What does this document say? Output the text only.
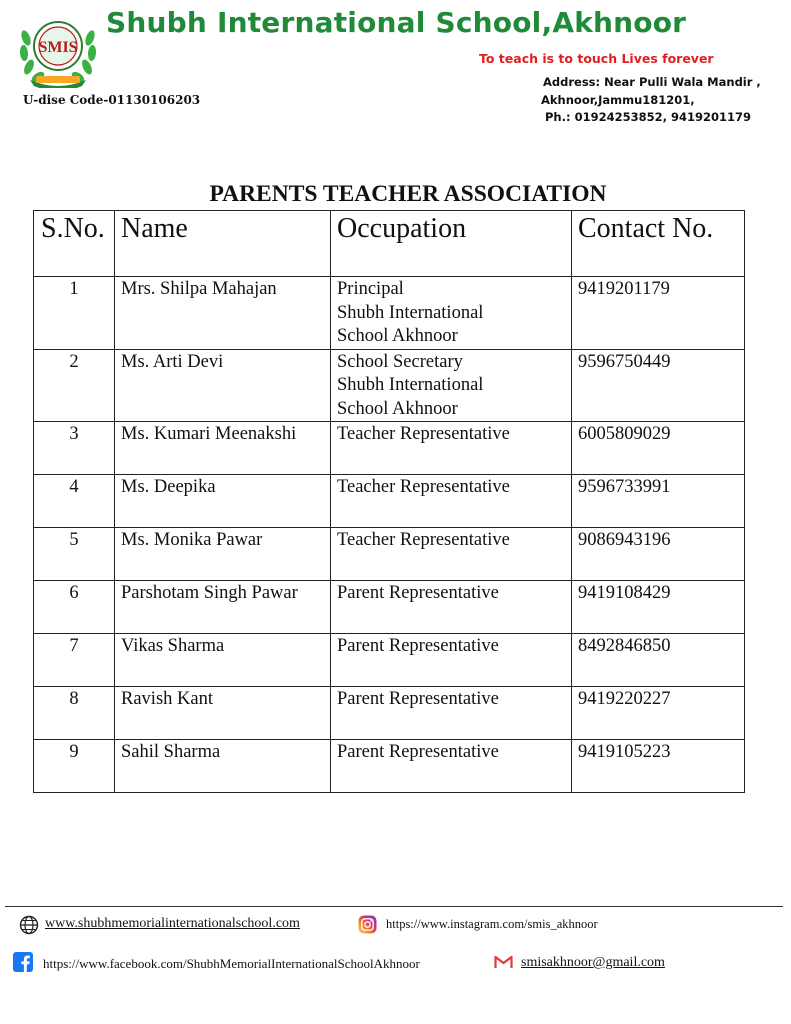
SMIS
Shubh International School,Akhnoor
To teach is to touch Lives forever
Address: Near Pulli Wala Mandir ,
Akhnoor,Jammu181201,
Ph.: 01924253852, 9419201179
U-dise Code-01130106203
PARENTS TEACHER ASSOCIATION
S.No.	Name	Occupation	Contact No.
1	Mrs. Shilpa Mahajan	Principal
Shubh International
School Akhnoor	9419201179
2	Ms. Arti Devi	School Secretary
Shubh International
School Akhnoor	9596750449
3	Ms. Kumari Meenakshi	Teacher Representative	6005809029
4	Ms. Deepika	Teacher Representative	9596733991
5	Ms. Monika Pawar	Teacher Representative	9086943196
6	Parshotam Singh Pawar	Parent Representative	9419108429
7	Vikas Sharma	Parent Representative	8492846850
8	Ravish Kant	Parent Representative	9419220227
9	Sahil Sharma	Parent Representative	9419105223
www.shubhmemorialinternationalschool.com	https://www.instagram.com/smis_akhnoor
https://www.facebook.com/ShubhMemorialInternationalSchoolAkhnoor	smisakhnoor@gmail.com
